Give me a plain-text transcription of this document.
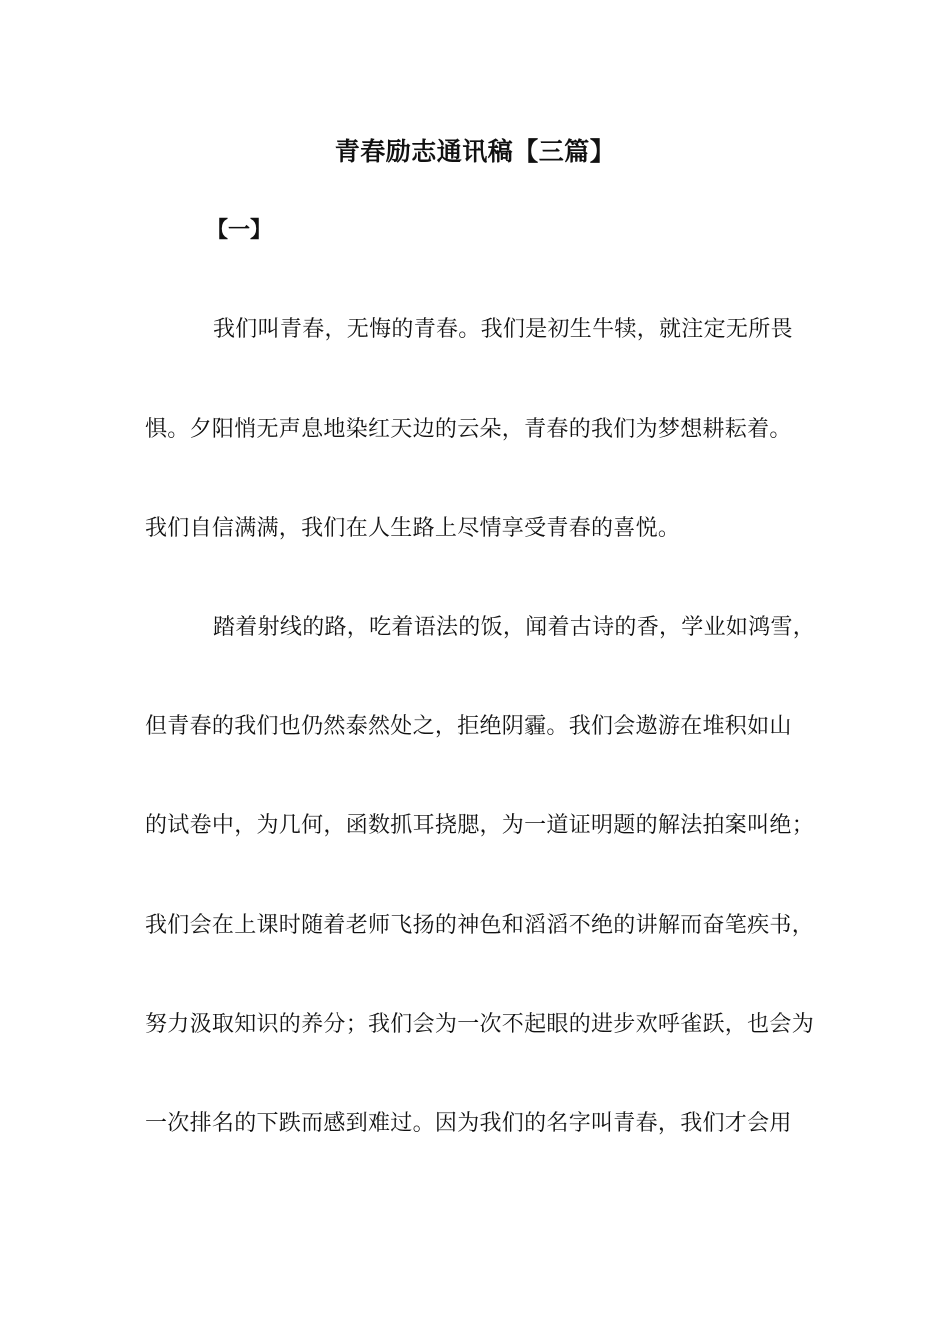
青春励志通讯稿【三篇】
【一】
我们叫青春，无悔的青春。我们是初生牛犊，就注定无所畏
惧。夕阳悄无声息地染红天边的云朵，青春的我们为梦想耕耘着。
我们自信满满，我们在人生路上尽情享受青春的喜悦。
踏着射线的路，吃着语法的饭，闻着古诗的香，学业如鸿雪，
但青春的我们也仍然泰然处之，拒绝阴霾。我们会遨游在堆积如山
的试卷中，为几何，函数抓耳挠腮，为一道证明题的解法拍案叫绝；
我们会在上课时随着老师飞扬的神色和滔滔不绝的讲解而奋笔疾书，
努力汲取知识的养分；我们会为一次不起眼的进步欢呼雀跃，也会为
一次排名的下跌而感到难过。因为我们的名字叫青春，我们才会用
